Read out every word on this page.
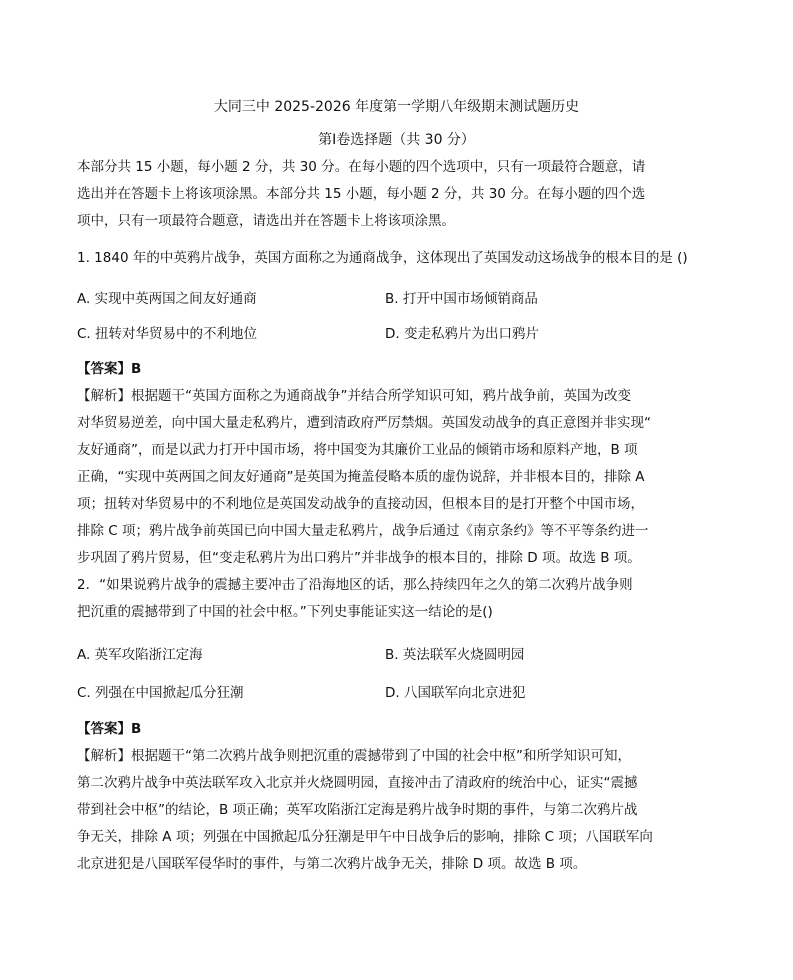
大同三中 2025-2026 年度第一学期八年级期末测试题历史
第Ⅰ卷选择题（共 30 分）
本部分共 15 小题，每小题 2 分，共 30 分。在每小题的四个选项中，只有一项最符合题意，请
选出并在答题卡上将该项涂黑。本部分共 15 小题，每小题 2 分，共 30 分。在每小题的四个选
项中，只有一项最符合题意，请选出并在答题卡上将该项涂黑。
1. 1840 年的中英鸦片战争，英国方面称之为通商战争，这体现出了英国发动这场战争的根本目的是 ()
A. 实现中英两国之间友好通商	B. 打开中国市场倾销商品
C. 扭转对华贸易中的不利地位	D. 变走私鸦片为出口鸦片
【答案】B
【解析】根据题干“英国方面称之为通商战争”并结合所学知识可知，鸦片战争前，英国为改变
对华贸易逆差，向中国大量走私鸦片，遭到清政府严厉禁烟。英国发动战争的真正意图并非实现“
友好通商”，而是以武力打开中国市场，将中国变为其廉价工业品的倾销市场和原料产地，B 项
正确，“实现中英两国之间友好通商”是英国为掩盖侵略本质的虚伪说辞，并非根本目的，排除 A
项；扭转对华贸易中的不利地位是英国发动战争的直接动因，但根本目的是打开整个中国市场，
排除 C 项；鸦片战争前英国已向中国大量走私鸦片，战争后通过《南京条约》等不平等条约进一
步巩固了鸦片贸易，但“变走私鸦片为出口鸦片”并非战争的根本目的，排除 D 项。故选 B 项。
2．“如果说鸦片战争的震撼主要冲击了沿海地区的话，那么持续四年之久的第二次鸦片战争则
把沉重的震撼带到了中国的社会中枢。”下列史事能证实这一结论的是()
A. 英军攻陷浙江定海	B. 英法联军火烧圆明园
C. 列强在中国掀起瓜分狂潮	D. 八国联军向北京进犯
【答案】B
【解析】根据题干“第二次鸦片战争则把沉重的震撼带到了中国的社会中枢”和所学知识可知，
第二次鸦片战争中英法联军攻入北京并火烧圆明园，直接冲击了清政府的统治中心，证实“震撼
带到社会中枢”的结论，B 项正确；英军攻陷浙江定海是鸦片战争时期的事件，与第二次鸦片战
争无关，排除 A 项；列强在中国掀起瓜分狂潮是甲午中日战争后的影响，排除 C 项；八国联军向
北京进犯是八国联军侵华时的事件，与第二次鸦片战争无关，排除 D 项。故选 B 项。
